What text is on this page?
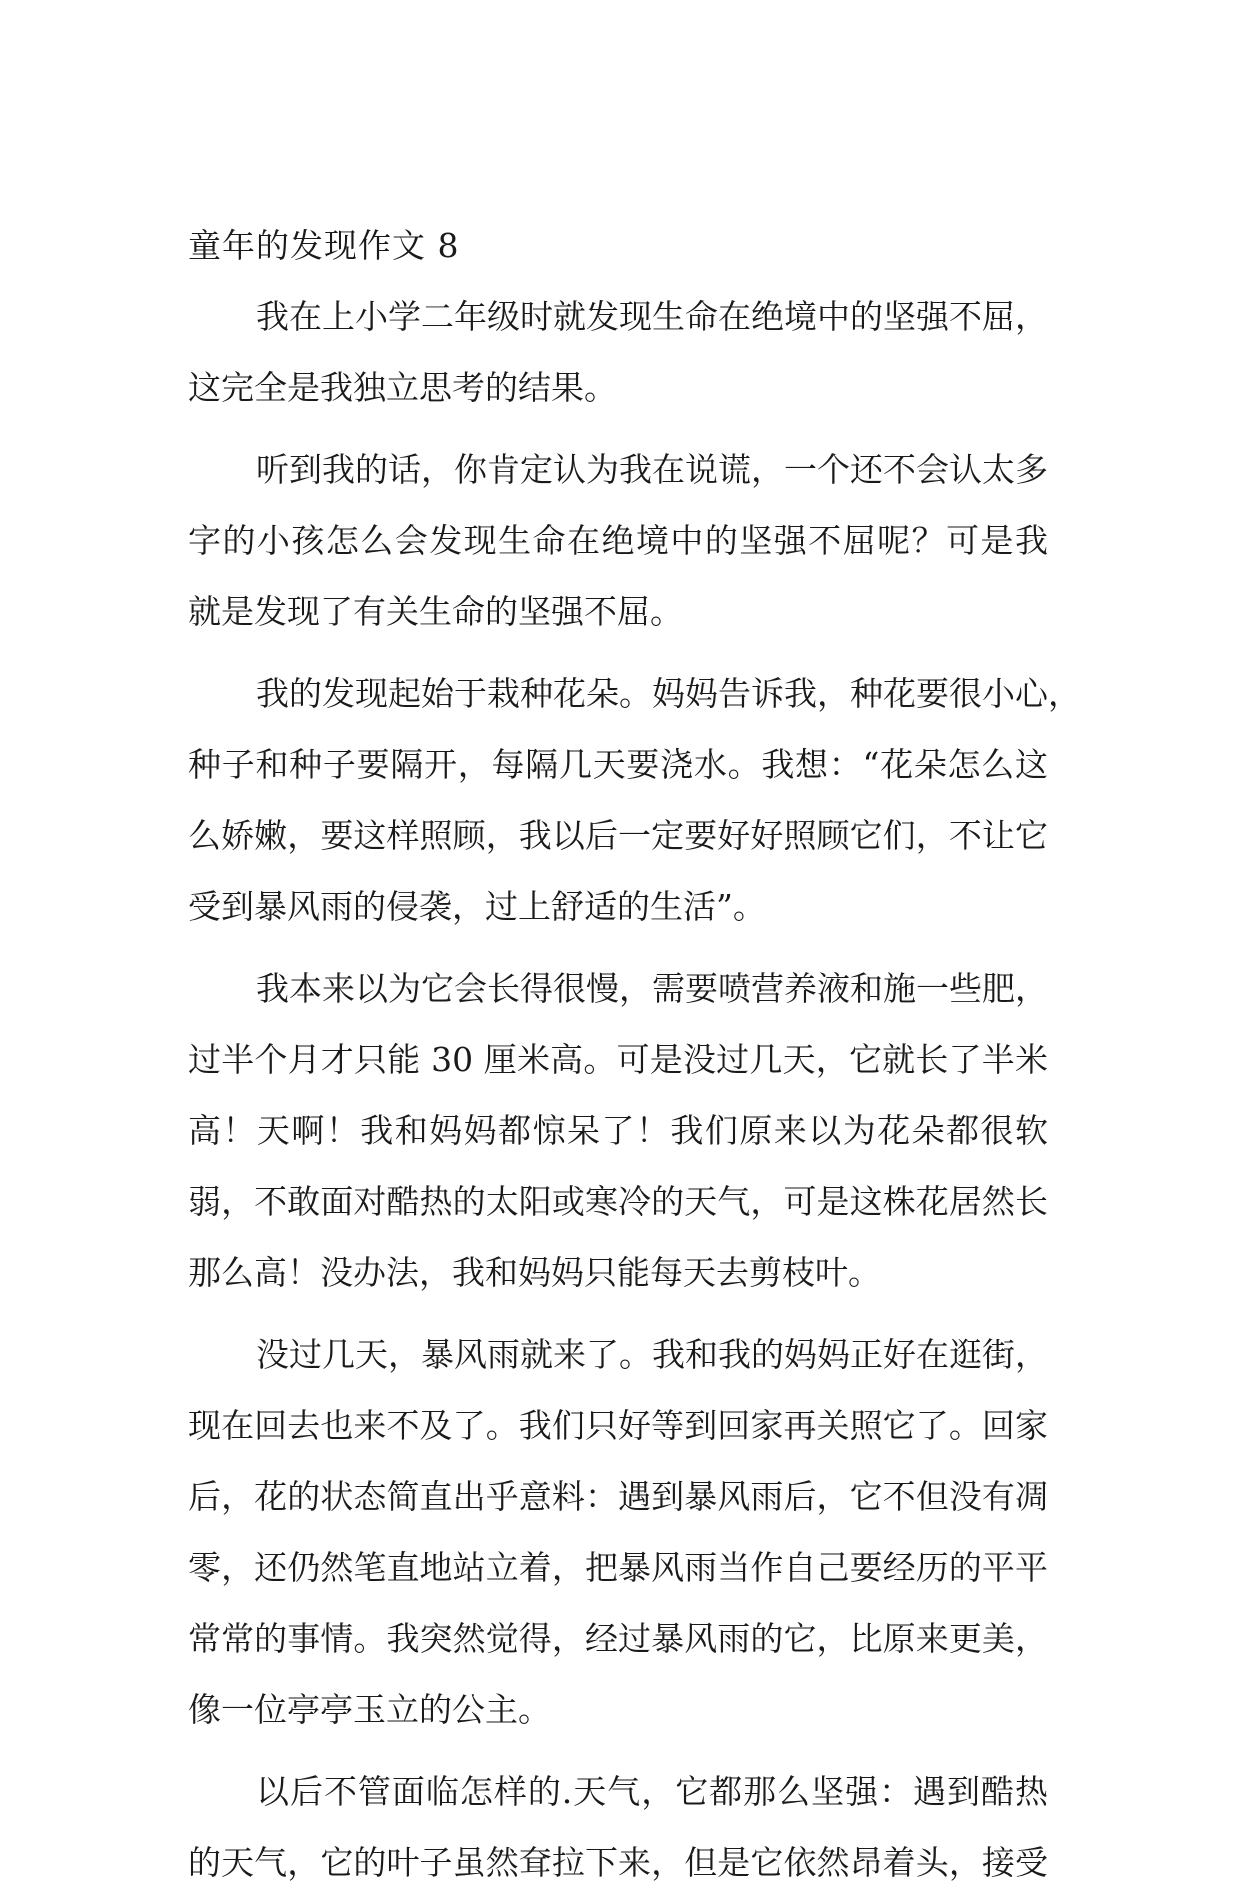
童年的发现作文 8

我在上小学二年级时就发现生命在绝境中的坚强不屈，
这完全是我独立思考的结果。

听到我的话，你肯定认为我在说谎，一个还不会认太多
字的小孩怎么会发现生命在绝境中的坚强不屈呢？可是我
就是发现了有关生命的坚强不屈。

我的发现起始于栽种花朵。妈妈告诉我，种花要很小心，
种子和种子要隔开，每隔几天要浇水。我想：“花朵怎么这
么娇嫩，要这样照顾，我以后一定要好好照顾它们，不让它
受到暴风雨的侵袭，过上舒适的生活”。

我本来以为它会长得很慢，需要喷营养液和施一些肥，
过半个月才只能 30 厘米高。可是没过几天，它就长了半米
高！天啊！我和妈妈都惊呆了！我们原来以为花朵都很软
弱，不敢面对酷热的太阳或寒冷的天气，可是这株花居然长
那么高！没办法，我和妈妈只能每天去剪枝叶。

没过几天，暴风雨就来了。我和我的妈妈正好在逛街，
现在回去也来不及了。我们只好等到回家再关照它了。回家
后，花的状态简直出乎意料：遇到暴风雨后，它不但没有凋
零，还仍然笔直地站立着，把暴风雨当作自己要经历的平平
常常的事情。我突然觉得，经过暴风雨的它，比原来更美，
像一位亭亭玉立的公主。

以后不管面临怎样的.天气，它都那么坚强：遇到酷热
的天气，它的叶子虽然耷拉下来，但是它依然昂着头，接受
